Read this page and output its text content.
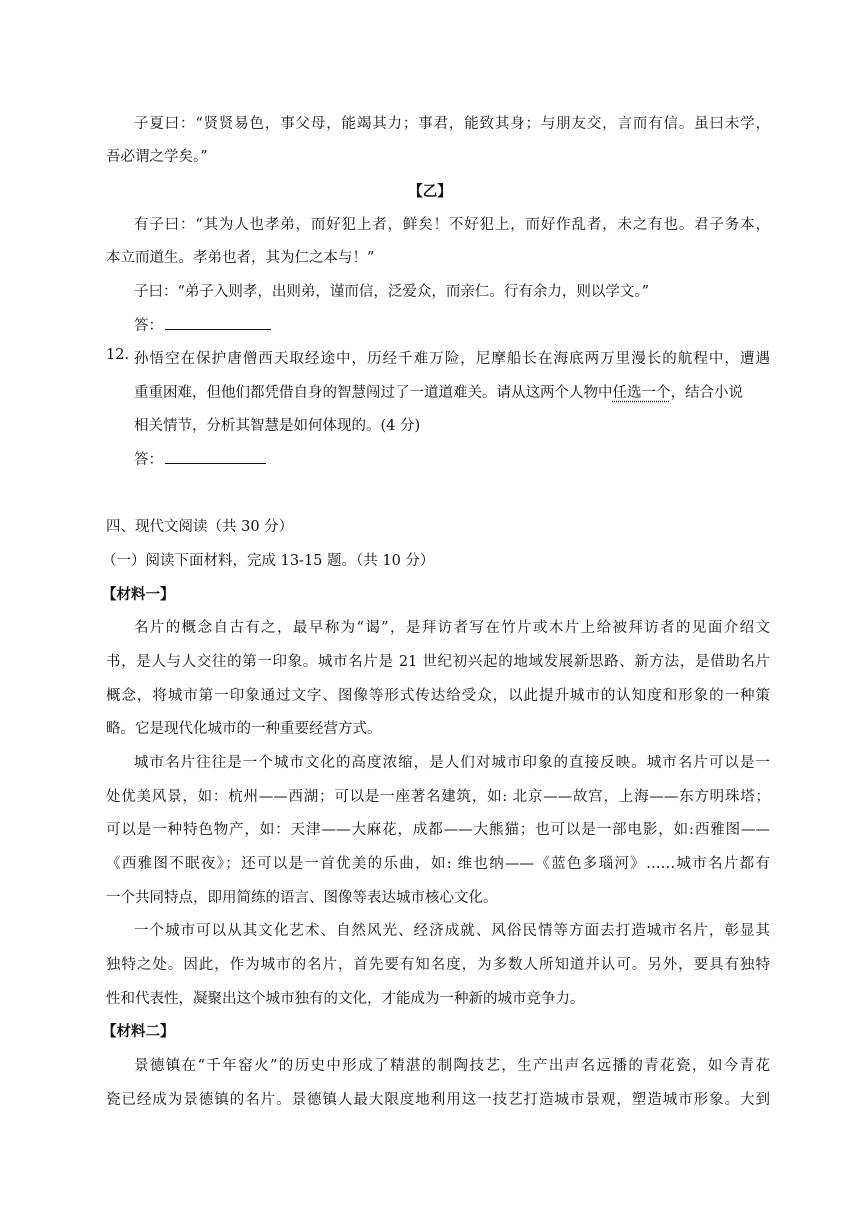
子夏曰：“贤贤易色，事父母，能竭其力；事君，能致其身；与朋友交，言而有信。虽曰未学，
吾必谓之学矣。”
【乙】
有子曰：“其为人也孝弟，而好犯上者，鲜矣！不好犯上，而好作乱者，未之有也。君子务本，
本立而道生。孝弟也者，其为仁之本与！”
子曰：“弟子入则孝，出则弟，谨而信，泛爱众，而亲仁。行有余力，则以学文。”
答：
12. 孙悟空在保护唐僧西天取经途中，历经千难万险，尼摩船长在海底两万里漫长的航程中，遭遇
重重困难，但他们都凭借自身的智慧闯过了一道道难关。请从这两个人物中任选一个，结合小说
相关情节，分析其智慧是如何体现的。(4 分)
答：
四、现代文阅读（共 30 分）
（一）阅读下面材料，完成 13-15 题。（共 10 分）
【材料一】
名片的概念自古有之，最早称为“谒”，是拜访者写在竹片或木片上给被拜访者的见面介绍文
书，是人与人交往的第一印象。城市名片是 21 世纪初兴起的地域发展新思路、新方法，是借助名片
概念，将城市第一印象通过文字、图像等形式传达给受众，以此提升城市的认知度和形象的一种策
略。它是现代化城市的一种重要经营方式。
城市名片往往是一个城市文化的高度浓缩，是人们对城市印象的直接反映。城市名片可以是一
处优美风景，如：杭州——西湖；可以是一座著名建筑，如: 北京——故宫，上海——东方明珠塔；
可以是一种特色物产，如：天津——大麻花，成都——大熊猫；也可以是一部电影，如:西雅图——
《西雅图不眠夜》；还可以是一首优美的乐曲，如: 维也纳——《蓝色多瑙河》……城市名片都有
一个共同特点，即用简练的语言、图像等表达城市核心文化。
一个城市可以从其文化艺术、自然风光、经济成就、风俗民情等方面去打造城市名片，彰显其
独特之处。因此，作为城市的名片，首先要有知名度，为多数人所知道并认可。另外，要具有独特
性和代表性，凝聚出这个城市独有的文化，才能成为一种新的城市竞争力。
【材料二】
景德镇在“千年窑火”的历史中形成了精湛的制陶技艺，生产出声名远播的青花瓷，如今青花
瓷已经成为景德镇的名片。景德镇人最大限度地利用这一技艺打造城市景观，塑造城市形象。大到
